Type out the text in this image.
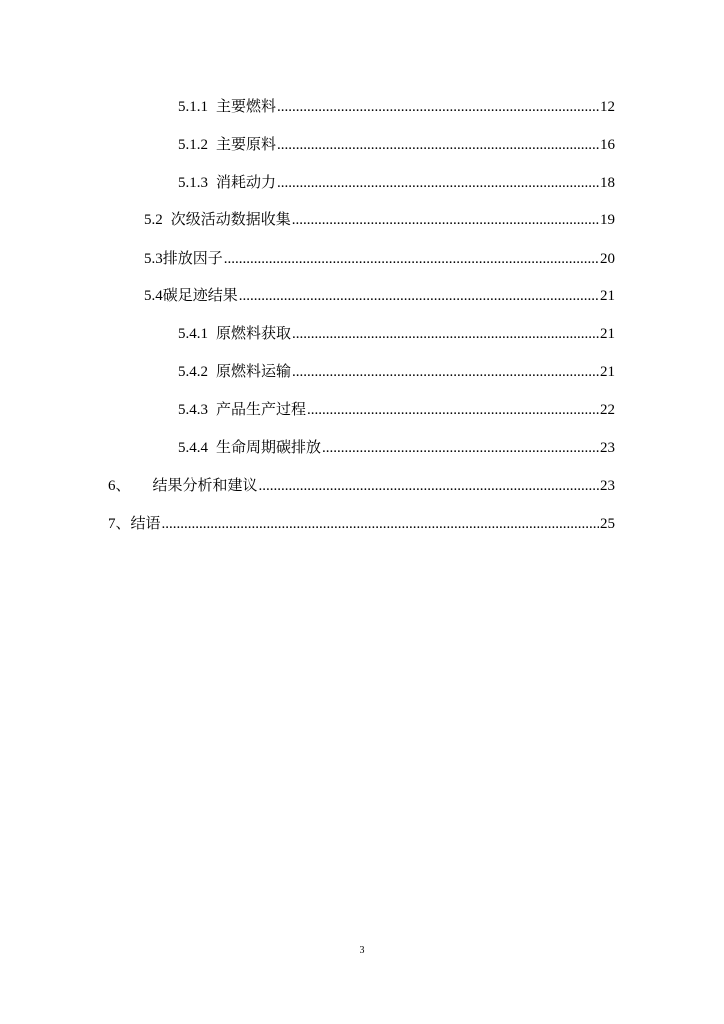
5.1.1 主要燃料 .....	12
5.1.2 主要原料 .....	16
5.1.3 消耗动力 .....	18
5.2 次级活动数据收集 .....	19
5.3 排放因子 .....	20
5.4 碳足迹结果 .....	21
5.4.1 原燃料获取 .....	21
5.4.2 原燃料运输 .....	21
5.4.3 产品生产过程 .....	22
5.4.4 生命周期碳排放 .....	23
6、 结果分析和建议 .....	23
7、 结语 .....	25
3
